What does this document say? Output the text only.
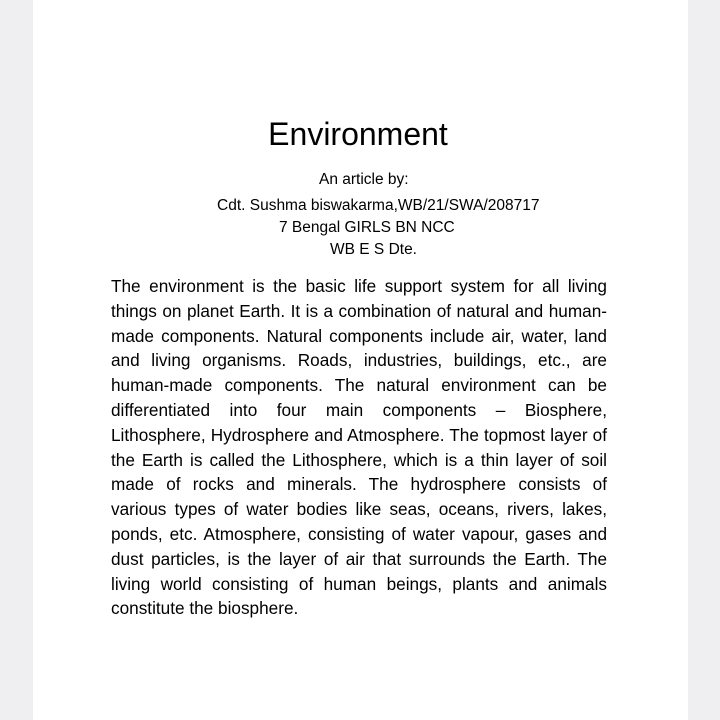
Environment
An article by:
Cdt. Sushma biswakarma,WB/21/SWA/208717
7 Bengal GIRLS BN NCC
WB E S Dte.

The environment is the basic life support system for all living things on planet Earth. It is a combination of natural and human-made components. Natural components include air, water, land and living organisms. Roads, industries, buildings, etc., are human-made components. The natural environment can be differentiated into four main components – Biosphere, Lithosphere, Hydrosphere and Atmosphere. The topmost layer of the Earth is called the Lithosphere, which is a thin layer of soil made of rocks and minerals. The hydrosphere consists of various types of water bodies like seas, oceans, rivers, lakes, ponds, etc. Atmosphere, consisting of water vapour, gases and dust particles, is the layer of air that surrounds the Earth. The living world consisting of human beings, plants and animals constitute the biosphere.
